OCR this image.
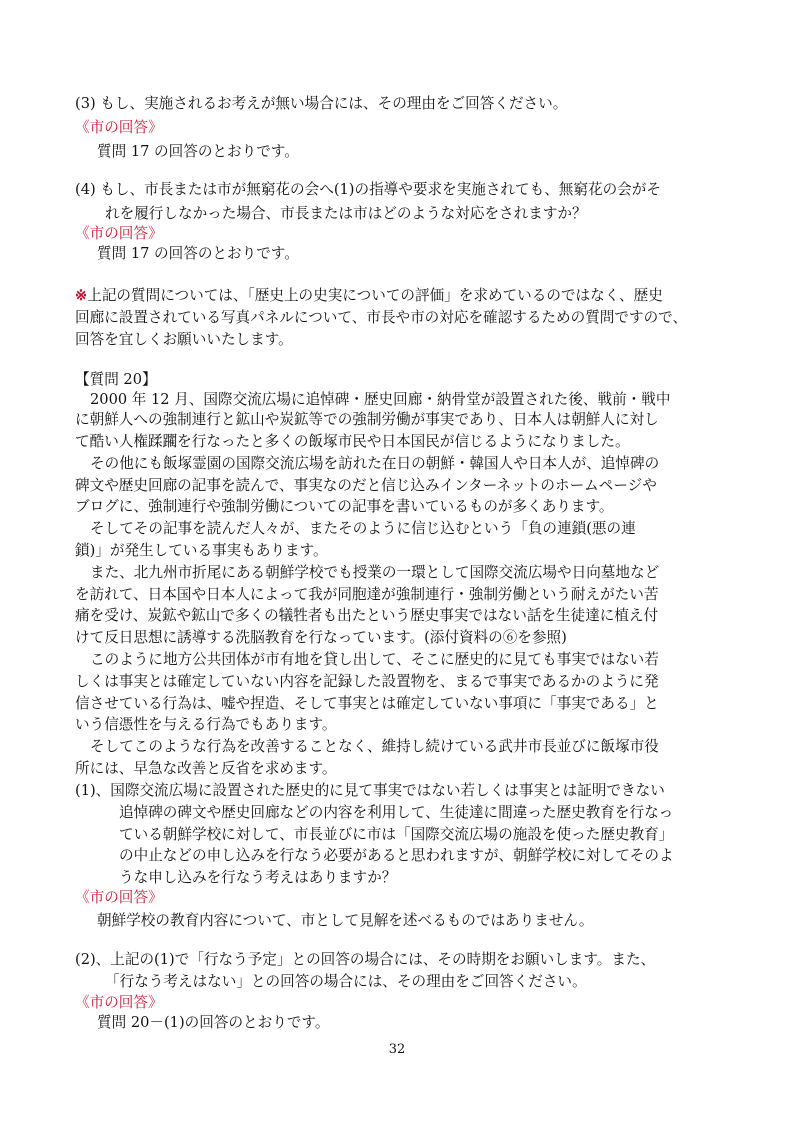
(3) もし、実施されるお考えが無い場合には、その理由をご回答ください。
《市の回答》
質問 17 の回答のとおりです。
(4) もし、市長または市が無窮花の会へ(1)の指導や要求を実施されても、無窮花の会がそ
れを履行しなかった場合、市長または市はどのような対応をされますか？
《市の回答》
質問 17 の回答のとおりです。
※上記の質問については、「歴史上の史実についての評価」を求めているのではなく、歴史
回廊に設置されている写真パネルについて、市長や市の対応を確認するための質問ですので、
回答を宜しくお願いいたします。
【質問 20】
2000 年 12 月、国際交流広場に追悼碑・歴史回廊・納骨堂が設置された後、戦前・戦中
に朝鮮人への強制連行と鉱山や炭鉱等での強制労働が事実であり、日本人は朝鮮人に対し
て酷い人権蹂躙を行なったと多くの飯塚市民や日本国民が信じるようになりました。
その他にも飯塚霊園の国際交流広場を訪れた在日の朝鮮・韓国人や日本人が、追悼碑の
碑文や歴史回廊の記事を読んで、事実なのだと信じ込みインターネットのホームページや
ブログに、強制連行や強制労働についての記事を書いているものが多くあります。
そしてその記事を読んだ人々が、またそのように信じ込むという「負の連鎖(悪の連
鎖)」が発生している事実もあります。
また、北九州市折尾にある朝鮮学校でも授業の一環として国際交流広場や日向墓地など
を訪れて、日本国や日本人によって我が同胞達が強制連行・強制労働という耐えがたい苦
痛を受け、炭鉱や鉱山で多くの犠牲者も出たという歴史事実ではない話を生徒達に植え付
けて反日思想に誘導する洗脳教育を行なっています。(添付資料の⑥を参照)
このように地方公共団体が市有地を貸し出して、そこに歴史的に見ても事実ではない若
しくは事実とは確定していない内容を記録した設置物を、まるで事実であるかのように発
信させている行為は、嘘や捏造、そして事実とは確定していない事項に「事実である」と
いう信憑性を与える行為でもあります。
そしてこのような行為を改善することなく、維持し続けている武井市長並びに飯塚市役
所には、早急な改善と反省を求めます。
(1)、国際交流広場に設置された歴史的に見て事実ではない若しくは事実とは証明できない
追悼碑の碑文や歴史回廊などの内容を利用して、生徒達に間違った歴史教育を行なっ
ている朝鮮学校に対して、市長並びに市は「国際交流広場の施設を使った歴史教育」
の中止などの申し込みを行なう必要があると思われますが、朝鮮学校に対してそのよ
うな申し込みを行なう考えはありますか？
《市の回答》
朝鮮学校の教育内容について、市として見解を述べるものではありません。
(2)、上記の(1)で「行なう予定」との回答の場合には、その時期をお願いします。また、
「行なう考えはない」との回答の場合には、その理由をご回答ください。
《市の回答》
質問 20－(1)の回答のとおりです。
32
